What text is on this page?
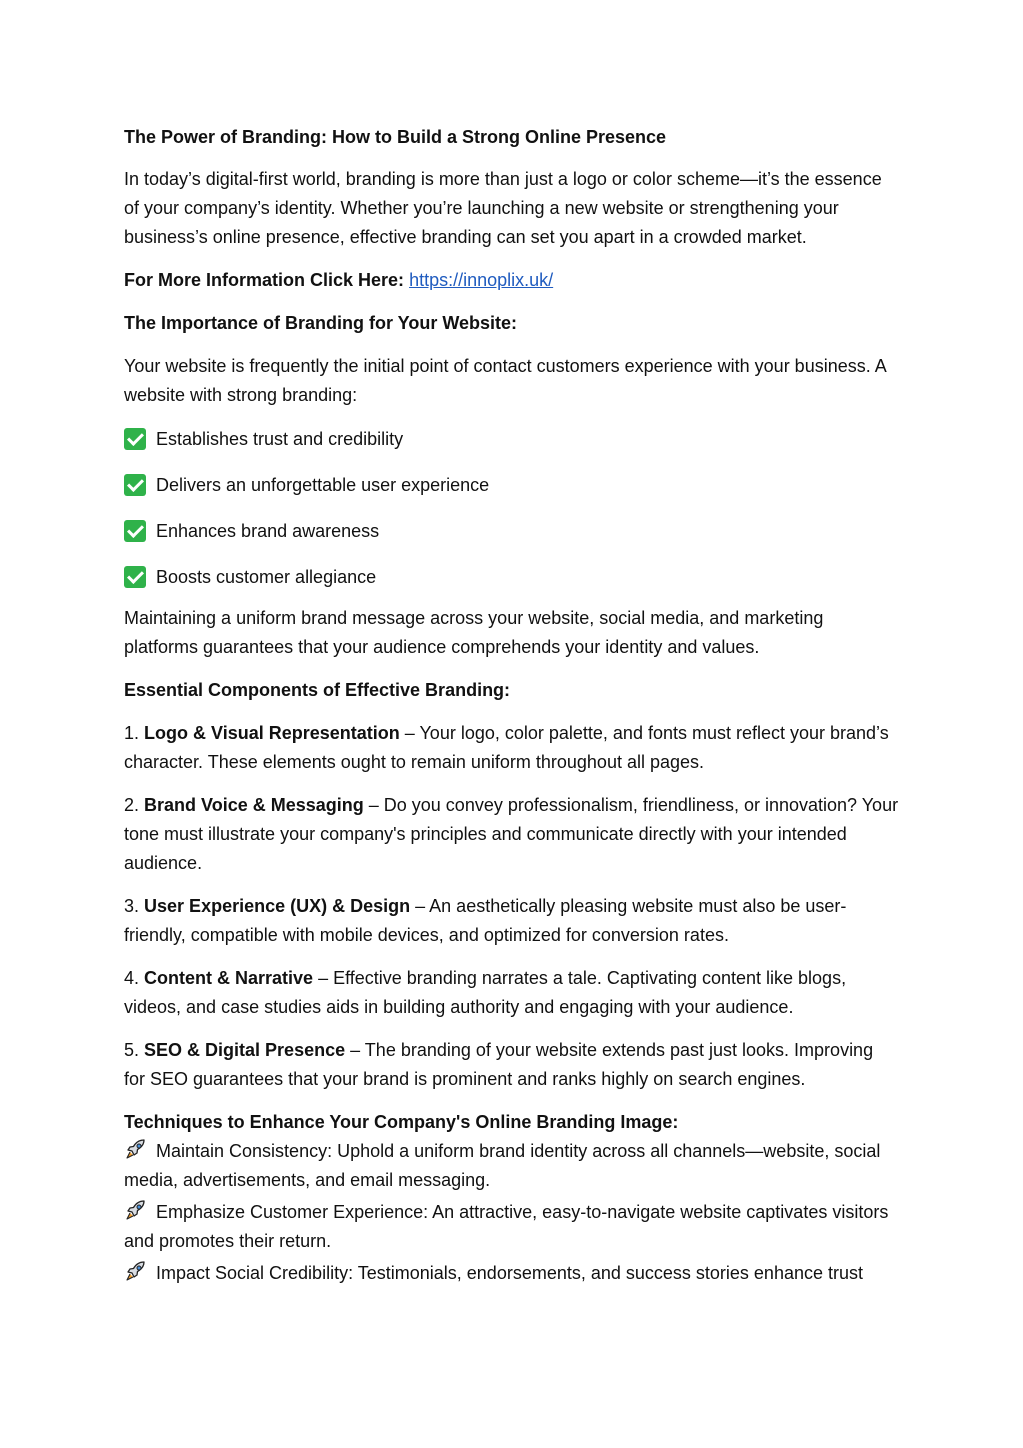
The Power of Branding: How to Build a Strong Online Presence

In today’s digital-first world, branding is more than just a logo or color scheme—it’s the essence of your company’s identity. Whether you’re launching a new website or strengthening your business’s online presence, effective branding can set you apart in a crowded market.

For More Information Click Here: https://innoplix.uk/

The Importance of Branding for Your Website:

Your website is frequently the initial point of contact customers experience with your business. A website with strong branding:

Establishes trust and credibility
Delivers an unforgettable user experience
Enhances brand awareness
Boosts customer allegiance

Maintaining a uniform brand message across your website, social media, and marketing platforms guarantees that your audience comprehends your identity and values.

Essential Components of Effective Branding:

1. Logo & Visual Representation – Your logo, color palette, and fonts must reflect your brand’s character. These elements ought to remain uniform throughout all pages.

2. Brand Voice & Messaging – Do you convey professionalism, friendliness, or innovation? Your tone must illustrate your company's principles and communicate directly with your intended audience.

3. User Experience (UX) & Design – An aesthetically pleasing website must also be user-friendly, compatible with mobile devices, and optimized for conversion rates.

4. Content & Narrative – Effective branding narrates a tale. Captivating content like blogs, videos, and case studies aids in building authority and engaging with your audience.

5. SEO & Digital Presence – The branding of your website extends past just looks. Improving for SEO guarantees that your brand is prominent and ranks highly on search engines.

Techniques to Enhance Your Company's Online Branding Image:

Maintain Consistency: Uphold a uniform brand identity across all channels—website, social media, advertisements, and email messaging.

Emphasize Customer Experience: An attractive, easy-to-navigate website captivates visitors and promotes their return.

Impact Social Credibility: Testimonials, endorsements, and success stories enhance trust
